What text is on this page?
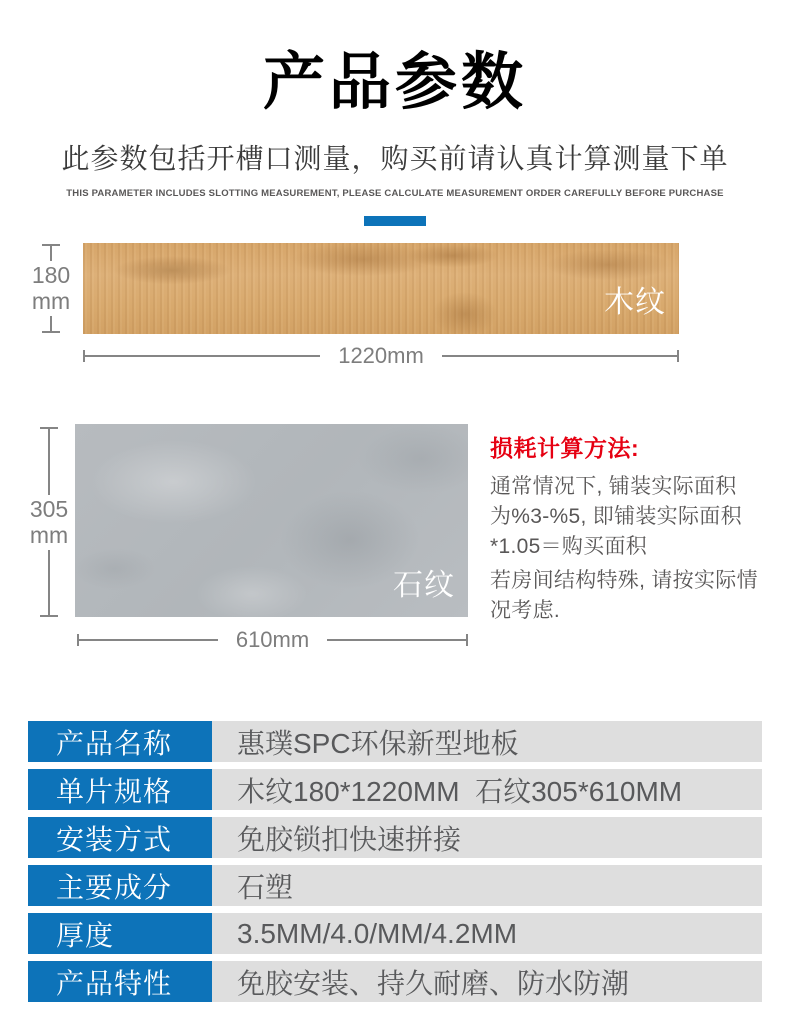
产品参数
此参数包括开槽口测量，购买前请认真计算测量下单
THIS PARAMETER INCLUDES SLOTTING MEASUREMENT, PLEASE CALCULATE MEASUREMENT ORDER CAREFULLY BEFORE PURCHASE
180
mm	木纹
1220mm
305
mm
石纹
610mm
损耗计算方法:
通常情况下, 铺装实际面积为%3-%5, 即铺装实际面积*1.05＝购买面积
若房间结构特殊, 请按实际情况考虑.
产品名称	惠璞SPC环保新型地板
单片规格	木纹180*1220MM  石纹305*610MM
安装方式	免胶锁扣快速拼接
主要成分	石塑
厚度	3.5MM/4.0/MM/4.2MM
产品特性	免胶安装、持久耐磨、防水防潮
